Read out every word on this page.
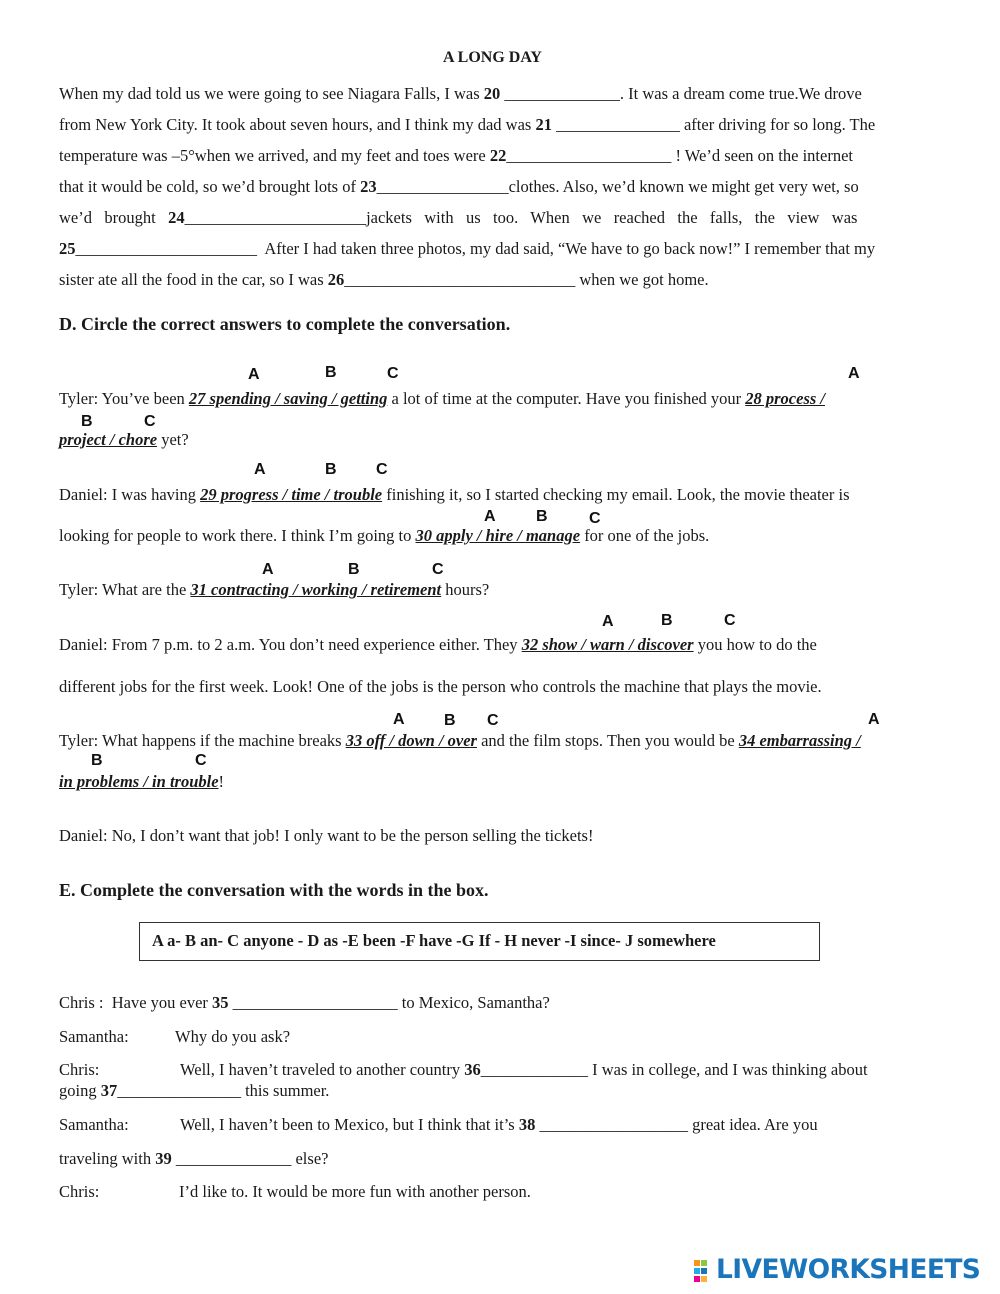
A LONG DAY
When my dad told us we were going to see Niagara Falls, I was 20 ______________. It was a dream come true.We drove
from New York City. It took about seven hours, and I think my dad was 21 _______________ after driving for so long. The
temperature was –5°when we arrived, and my feet and toes were 22____________________ ! We’d seen on the internet
that it would be cold, so we’d brought lots of 23________________clothes. Also, we’d known we might get very wet, so
we’d   brought   24______________________jackets   with   us   too.   When   we   reached   the   falls,   the   view   was
25______________________  After I had taken three photos, my dad said, “We have to go back now!” I remember that my
sister ate all the food in the car, so I was 26____________________________ when we got home.
D. Circle the correct answers to complete the conversation.
A	B	C	A
Tyler: You’ve been 27 spending / saving / getting a lot of time at the computer. Have you finished your 28 process /
B	C
project / chore yet?
A	B C
Daniel: I was having 29 progress / time / trouble finishing it, so I started checking my email. Look, the movie theater is
A	B	C
looking for people to work there. I think I’m going to 30 apply / hire / manage for one of the jobs.
A	B	C
Tyler: What are the 31 contracting / working / retirement hours?
A	B	C
Daniel: From 7 p.m. to 2 a.m. You don’t need experience either. They 32 show / warn / discover you how to do the
different jobs for the first week. Look! One of the jobs is the person who controls the machine that plays the movie.
A B C	A
Tyler: What happens if the machine breaks 33 off / down / over and the film stops. Then you would be 34 embarrassing /
B	C
in problems / in trouble!
Daniel: No, I don’t want that job! I only want to be the person selling the tickets!
E. Complete the conversation with the words in the box.
A a- B an- C anyone - D as -E been -F have -G If - H never -I since- J somewhere
Chris :  Have you ever 35 ____________________ to Mexico, Samantha?
Samantha:	Why do you ask?
Chris:	Well, I haven’t traveled to another country 36_____________ I was in college, and I was thinking about
going 37_______________ this summer.
Samantha:	Well, I haven’t been to Mexico, but I think that it’s 38 __________________ great idea. Are you
traveling with 39 ______________ else?
Chris:	I’d like to. It would be more fun with another person.
LIVEWORKSHEETS
